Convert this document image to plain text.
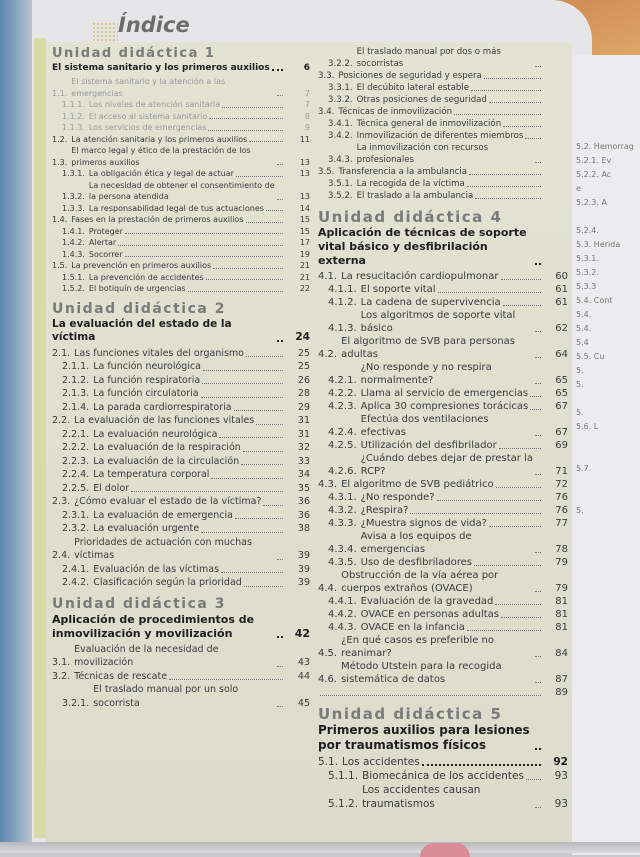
Índice
Unidad didáctica 1
El sistema sanitario y los primeros auxilios	6
1.1.
El sistema sanitario y la atención a las emergencias	7
1.1.1. Los niveles de atención sanitaria	7
1.1.2. El acceso al sistema sanitario	8
1.1.3. Los servicios de emergencias	9
1.2. La atención sanitaria y los primeros auxilios	11
1.3.
El marco legal y ético de la prestación de los primeros auxilios	13
1.3.1. La obligación ética y legal de actuar	13
1.3.2.
La necesidad de obtener el consentimiento de la persona atendida	13
1.3.3. La responsabilidad legal de tus actuaciones	14
1.4. Fases en la prestación de primeros auxilios	15
1.4.1. Proteger	15
1.4.2. Alertar	17
1.4.3. Socorrer	19
1.5. La prevención en primeros auxilios	21
1.5.1. La prevención de accidentes	21
1.5.2. El botiquín de urgencias	22
Unidad didáctica 2
La evaluación del estado de la víctima	24
2.1. Las funciones vitales del organismo	25
2.1.1. La función neurológica	25
2.1.2. La función respiratoria	26
2.1.3. La función circulatoria	28
2.1.4. La parada cardiorrespiratoria	29
2.2. La evaluación de las funciones vitales	31
2.2.1. La evaluación neurológica	31
2.2.2. La evaluación de la respiración	32
2.2.3. La evaluación de la circulación	33
2.2.4. La temperatura corporal	34
2.2.5. El dolor	35
2.3. ¿Cómo evaluar el estado de la víctima?	36
2.3.1. La evaluación de emergencia	36
2.3.2. La evaluación urgente	38
2.4.
Prioridades de actuación con muchas víctimas	39
2.4.1. Evaluación de las víctimas	39
2.4.2. Clasificación según la prioridad	39
Unidad didáctica 3
Aplicación de procedimientos de inmovilización y movilización	42
3.1.
Evaluación de la necesidad de movilización	43
3.2. Técnicas de rescate	44
3.2.1.
El traslado manual por un solo socorrista	45
3.2.2.
El traslado manual por dos o más socorristas
3.3. Posiciones de seguridad y espera
3.3.1. El decúbito lateral estable
3.3.2. Otras posiciones de seguridad
3.4. Técnicas de inmovilización
3.4.1. Técnica general de inmovilización
3.4.2. Inmovilización de diferentes miembros
3.4.3.
La inmovilización con recursos profesionales
3.5. Transferencia a la ambulancia
3.5.1. La recogida de la víctima
3.5.2. El traslado a la ambulancia
Unidad didáctica 4
Aplicación de técnicas de soporte vital básico y desfibrilación externa
4.1. La resucitación cardiopulmonar	60
4.1.1. El soporte vital	61
4.1.2. La cadena de supervivencia	61
4.1.3.
Los algoritmos de soporte vital básico	62
4.2.
El algoritmo de SVB para personas adultas	64
4.2.1.
¿No responde y no respira normalmente?	65
4.2.2. Llama al servicio de emergencias	65
4.2.3. Aplica 30 compresiones torácicas	67
4.2.4.
Efectúa dos ventilaciones efectivas	67
4.2.5. Utilización del desfibrilador	69
4.2.6.
¿Cuándo debes dejar de prestar la RCP?	71
4.3. El algoritmo de SVB pediátrico	72
4.3.1. ¿No responde?	76
4.3.2. ¿Respira?	76
4.3.3. ¿Muestra signos de vida?	77
4.3.4.
Avisa a los equipos de emergencias	78
4.3.5. Uso de desfibriladores	79
4.4.
Obstrucción de la vía aérea por cuerpos extraños (OVACE)	79
4.4.1. Evaluación de la gravedad	81
4.4.2. OVACE en personas adultas	81
4.4.3. OVACE en la infancia	81
4.5.
¿En qué casos es preferible no reanimar?	84
4.6.
Método Utstein para la recogida sistemática de datos	87
89
Unidad didáctica 5
Primeros auxilios para lesiones por traumatismos físicos
5.1. Los accidentes	92
5.1.1. Biomecánica de los accidentes	93
5.1.2.
Los accidentes causan traumatismos	93
5.2. Hemorrag
5.2.1. Ev
5.2.2. Ac
e
5.2.3. A
5.2.4.
5.3. Herida
5.3.1.
5.3.2.
5.3.3
5.4. Cont
5.4.
5.4.
5.4
5.5. Cu
5.
5.
5.
5.6. L
5.7.
5.
